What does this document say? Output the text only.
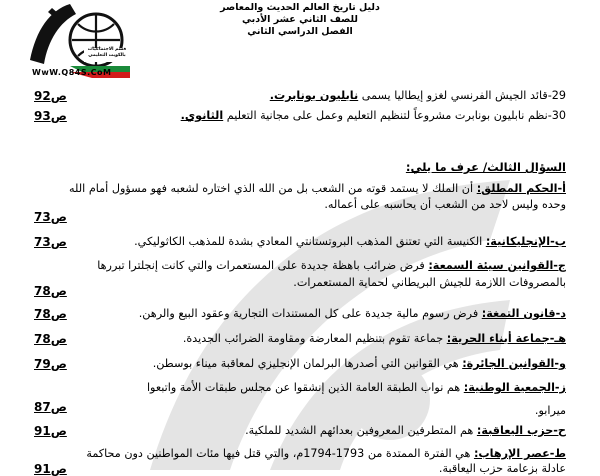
قسم الاجتماعيات بالكويت التعليمي
WwW.Q84S.CoM
دليل تاريخ العالم الحديث والمعاصر
للصف الثاني عشر الأدبي
الفصل الدراسي الثاني
29-قائد الجيش الفرنسي لغزو إيطاليا يسمى نابليون بونابرت.
ص92
30-نظم نابليون بونابرت مشروعاً لتنظيم التعليم وعمل على مجانية التعليم الثانوي.
ص93
السؤال الثالث/ عرف ما يلي:
أ-الحكم المطلق: أن الملك لا يستمد قوته من الشعب بل من الله الذي اختاره لشعبه فهو مسؤول أمام الله
وحده وليس لاحد من الشعب أن يحاسبه على أعماله.
ص73
ب-الإنجليكانية: الكنيسة التي تعتنق المذهب البروتستانتي المعادي بشدة للمذهب الكاثوليكي.
ص73
ج-القوانين سيئة السمعة: فرض ضرائب باهظة جديدة على المستعمرات والتي كانت إنجلترا تبررها
بالمصروفات اللازمة للجيش البريطاني لحماية المستعمرات.
ص78
د-قانون التمغة: فرض رسوم مالية جديدة على كل المستندات التجارية وعقود البيع والرهن.
ص78
هـ-جماعة أبناء الحرية: جماعة تقوم بتنظيم المعارضة ومقاومة الضرائب الجديدة.
ص78
و-القوانين الجائرة: هي القوانين التي أصدرها البرلمان الإنجليزي لمعاقبة ميناء بوسطن.
ص79
ز-الجمعية الوطنية: هم نواب الطبقة العامة الذين إنشقوا عن مجلس طبقات الأمة واتبعوا
ميرابو.
ص87
ح-حزب اليعاقبة: هم المتطرفين المعروفين بعدائهم الشديد للملكية.
ص91
ط-عصر الإرهاب: هي الفترة الممتدة من 1793-1794م، والتي قتل فيها مئات المواطنين دون محاكمة
عادلة بزعامة حزب اليعاقبة.
ص91
